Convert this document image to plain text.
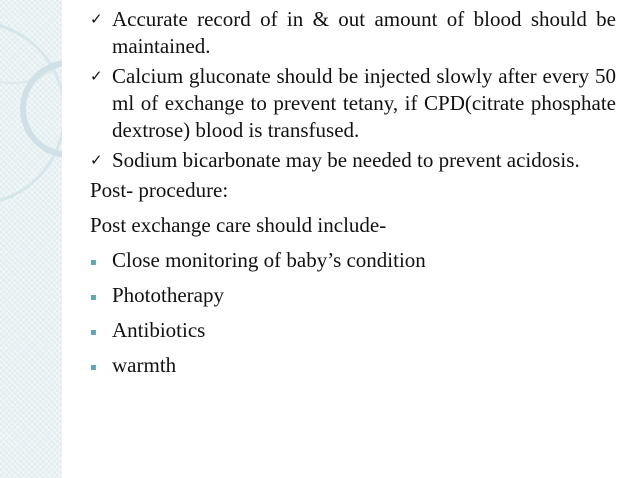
✓ Accurate record of in & out amount of blood should be maintained.
✓ Calcium gluconate should be injected slowly after every 50 ml of exchange to prevent tetany, if CPD(citrate phosphate dextrose) blood is transfused.
✓ Sodium bicarbonate may be needed to prevent acidosis.
Post- procedure:
Post exchange care should include-
▪ Close monitoring of baby’s condition
▪ Phototherapy
▪ Antibiotics
▪ warmth
